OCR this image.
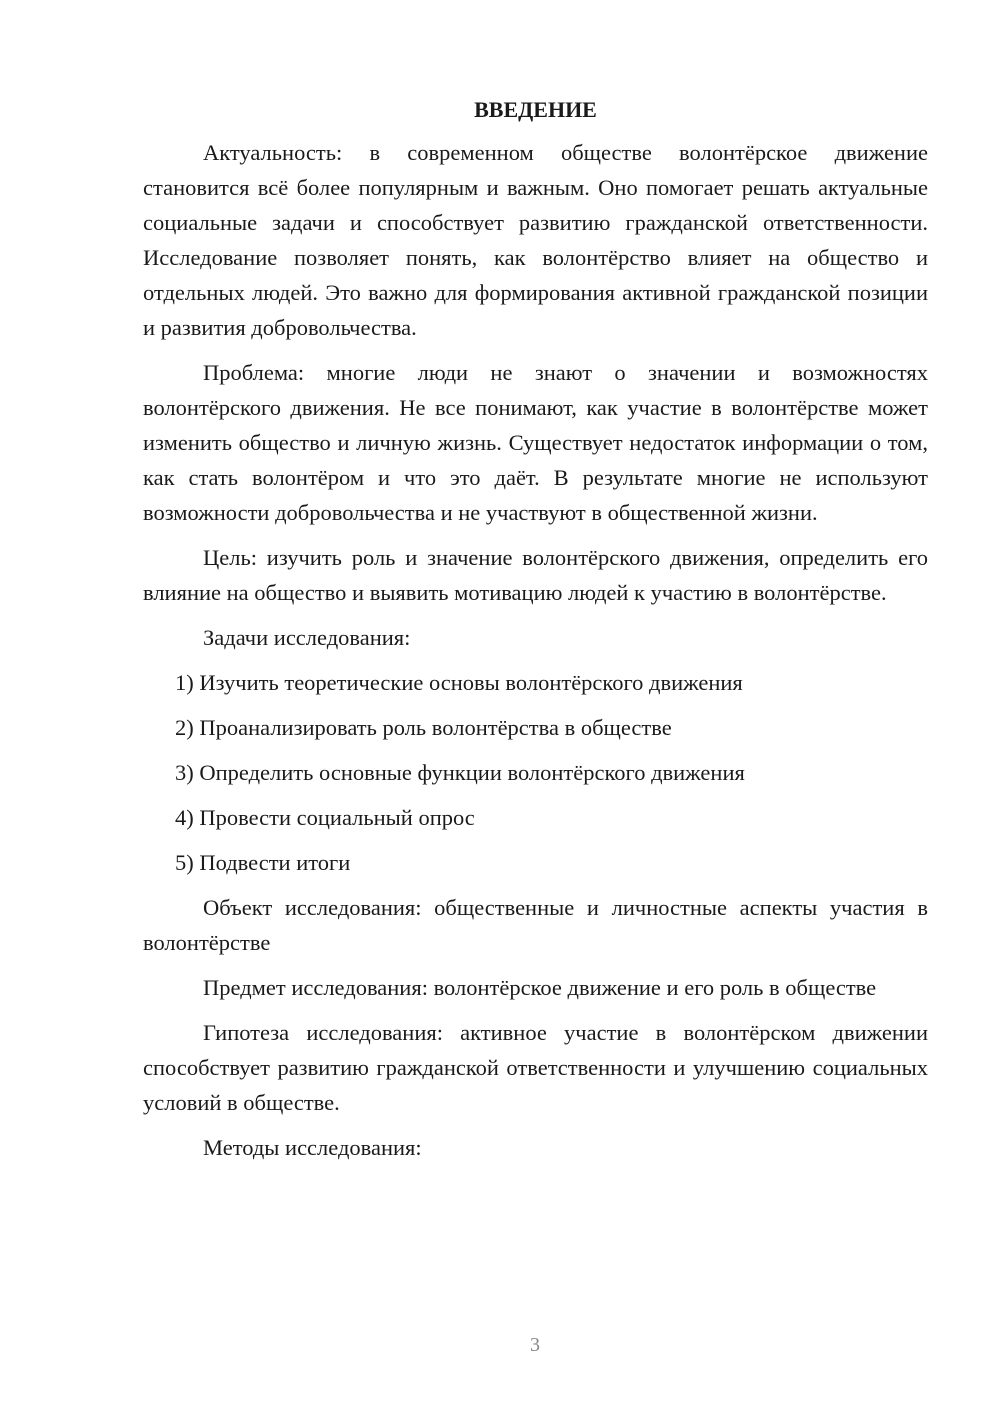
ВВЕДЕНИЕ

Актуальность: в современном обществе волонтёрское движение становится всё более популярным и важным. Оно помогает решать актуальные социальные задачи и способствует развитию гражданской ответственности. Исследование позволяет понять, как волонтёрство влияет на общество и отдельных людей. Это важно для формирования активной гражданской позиции и развития добровольчества.

Проблема: многие люди не знают о значении и возможностях волонтёрского движения. Не все понимают, как участие в волонтёрстве может изменить общество и личную жизнь. Существует недостаток информации о том, как стать волонтёром и что это даёт. В результате многие не используют возможности добровольчества и не участвуют в общественной жизни.

Цель: изучить роль и значение волонтёрского движения, определить его влияние на общество и выявить мотивацию людей к участию в волонтёрстве.

Задачи исследования:

1) Изучить теоретические основы волонтёрского движения
2) Проанализировать роль волонтёрства в обществе
3) Определить основные функции волонтёрского движения
4) Провести социальный опрос
5) Подвести итоги

Объект исследования: общественные и личностные аспекты участия в волонтёрстве

Предмет исследования: волонтёрское движение и его роль в обществе

Гипотеза исследования: активное участие в волонтёрском движении способствует развитию гражданской ответственности и улучшению социальных условий в обществе.

Методы исследования:

3
